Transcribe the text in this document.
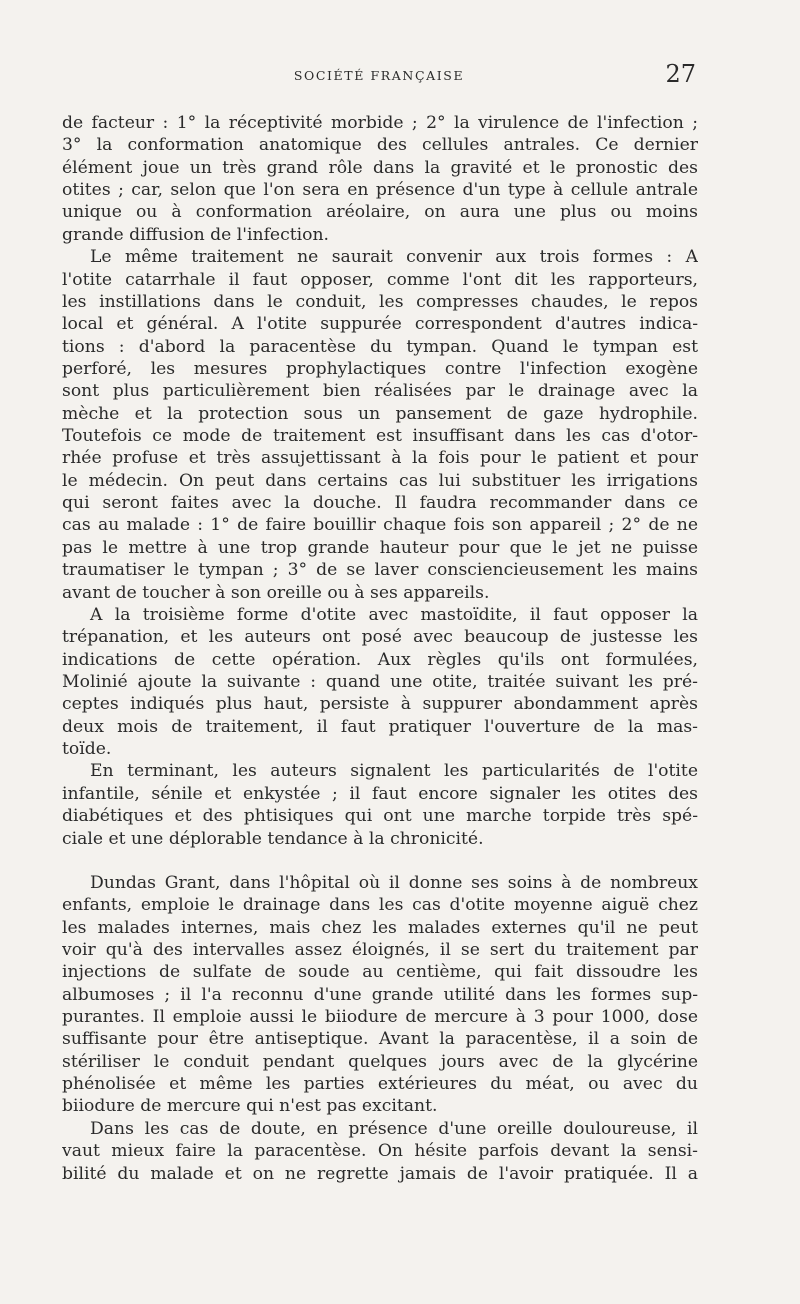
SOCIÉTÉ FRANÇAISE	27
de facteur : 1° la réceptivité morbide ; 2° la virulence de l'infection ;
3° la conformation anatomique des cellules antrales. Ce dernier
élément joue un très grand rôle dans la gravité et le pronostic des
otites ; car, selon que l'on sera en présence d'un type à cellule antrale
unique ou à conformation aréolaire, on aura une plus ou moins
grande diffusion de l'infection.
Le même traitement ne saurait convenir aux trois formes : A
l'otite catarrhale il faut opposer, comme l'ont dit les rapporteurs,
les instillations dans le conduit, les compresses chaudes, le repos
local et général. A l'otite suppurée correspondent d'autres indica-
tions : d'abord la paracentèse du tympan. Quand le tympan est
perforé, les mesures prophylactiques contre l'infection exogène
sont plus particulièrement bien réalisées par le drainage avec la
mèche et la protection sous un pansement de gaze hydrophile.
Toutefois ce mode de traitement est insuffisant dans les cas d'otor-
rhée profuse et très assujettissant à la fois pour le patient et pour
le médecin. On peut dans certains cas lui substituer les irrigations
qui seront faites avec la douche. Il faudra recommander dans ce
cas au malade : 1° de faire bouillir chaque fois son appareil ; 2° de ne
pas le mettre à une trop grande hauteur pour que le jet ne puisse
traumatiser le tympan ; 3° de se laver consciencieusement les mains
avant de toucher à son oreille ou à ses appareils.
A la troisième forme d'otite avec mastoïdite, il faut opposer la
trépanation, et les auteurs ont posé avec beaucoup de justesse les
indications de cette opération. Aux règles qu'ils ont formulées,
Molinié ajoute la suivante : quand une otite, traitée suivant les pré-
ceptes indiqués plus haut, persiste à suppurer abondamment après
deux mois de traitement, il faut pratiquer l'ouverture de la mas-
toïde.
En terminant, les auteurs signalent les particularités de l'otite
infantile, sénile et enkystée ; il faut encore signaler les otites des
diabétiques et des phtisiques qui ont une marche torpide très spé-
ciale et une déplorable tendance à la chronicité.
Dundas Grant, dans l'hôpital où il donne ses soins à de nombreux
enfants, emploie le drainage dans les cas d'otite moyenne aiguë chez
les malades internes, mais chez les malades externes qu'il ne peut
voir qu'à des intervalles assez éloignés, il se sert du traitement par
injections de sulfate de soude au centième, qui fait dissoudre les
albumoses ; il l'a reconnu d'une grande utilité dans les formes sup-
purantes. Il emploie aussi le biiodure de mercure à 3 pour 1000, dose
suffisante pour être antiseptique. Avant la paracentèse, il a soin de
stériliser le conduit pendant quelques jours avec de la glycérine
phénolisée et même les parties extérieures du méat, ou avec du
biiodure de mercure qui n'est pas excitant.
Dans les cas de doute, en présence d'une oreille douloureuse, il
vaut mieux faire la paracentèse. On hésite parfois devant la sensi-
bilité du malade et on ne regrette jamais de l'avoir pratiquée. Il a
